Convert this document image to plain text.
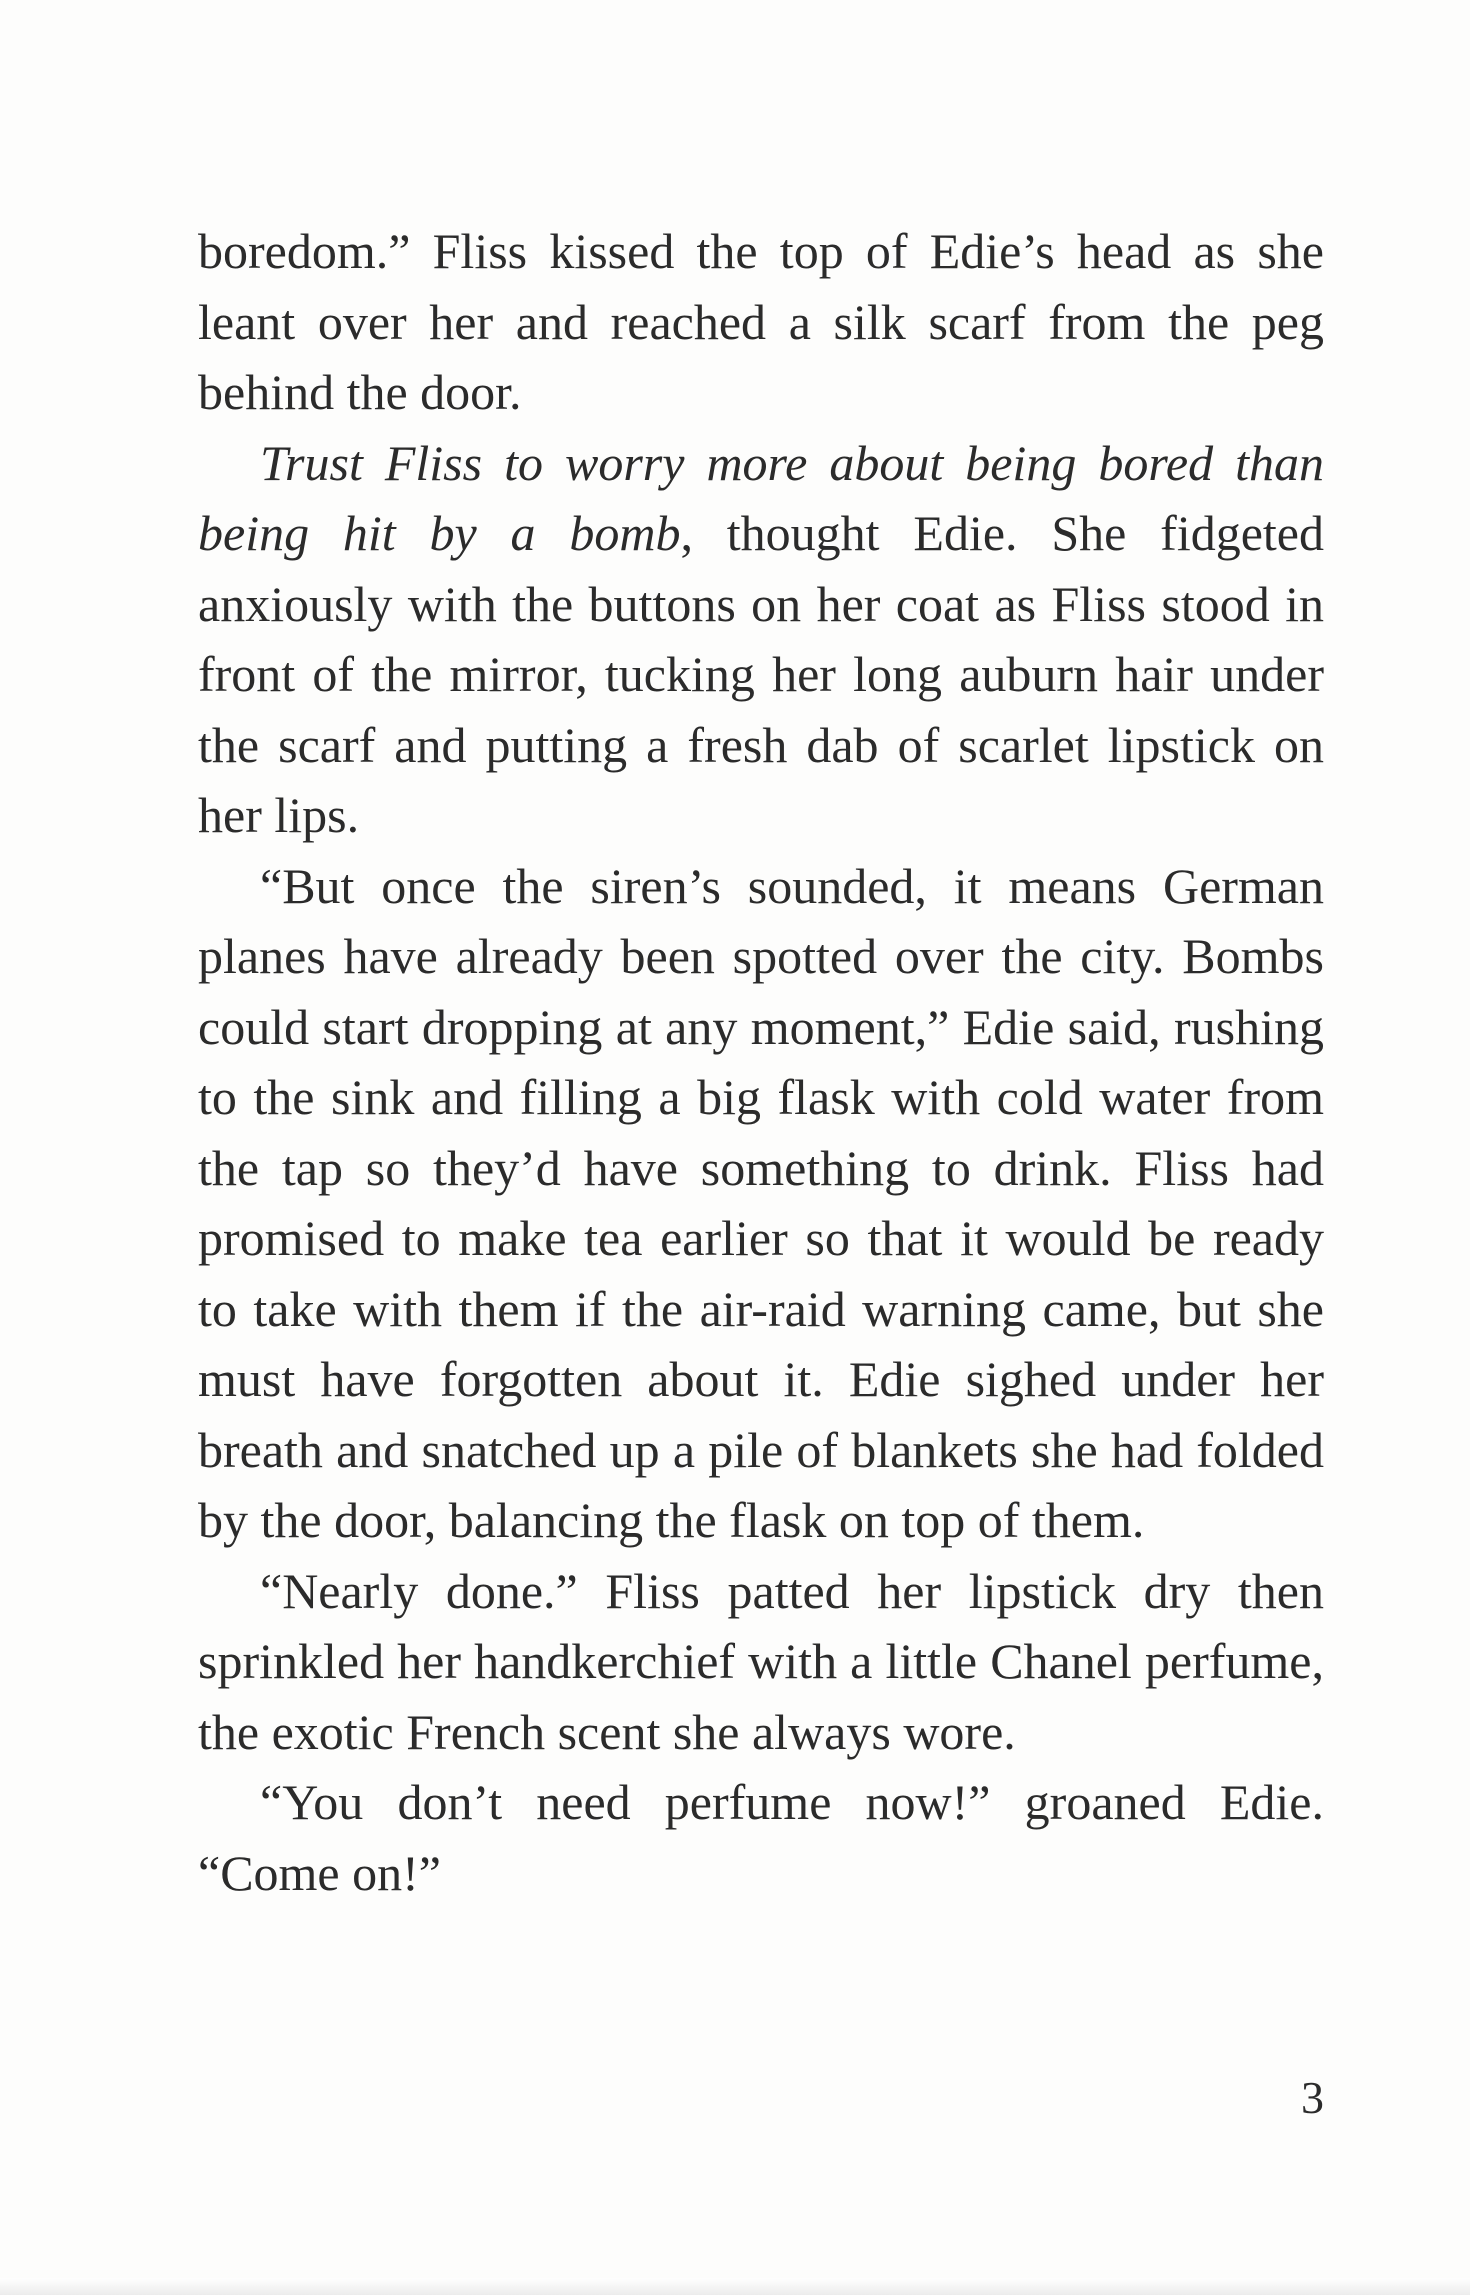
boredom.” Fliss kissed the top of Edie’s head as she leant over her and reached a silk scarf from the peg behind the door.

Trust Fliss to worry more about being bored than being hit by a bomb, thought Edie. She fidgeted anxiously with the buttons on her coat as Fliss stood in front of the mirror, tucking her long auburn hair under the scarf and putting a fresh dab of scarlet lipstick on her lips.

“But once the siren’s sounded, it means German planes have already been spotted over the city. Bombs could start dropping at any moment,” Edie said, rushing to the sink and filling a big flask with cold water from the tap so they’d have something to drink. Fliss had promised to make tea earlier so that it would be ready to take with them if the air-raid warning came, but she must have forgotten about it. Edie sighed under her breath and snatched up a pile of blankets she had folded by the door, balancing the flask on top of them.

“Nearly done.” Fliss patted her lipstick dry then sprinkled her handkerchief with a little Chanel perfume, the exotic French scent she always wore.

“You don’t need perfume now!” groaned Edie. “Come on!”

3
